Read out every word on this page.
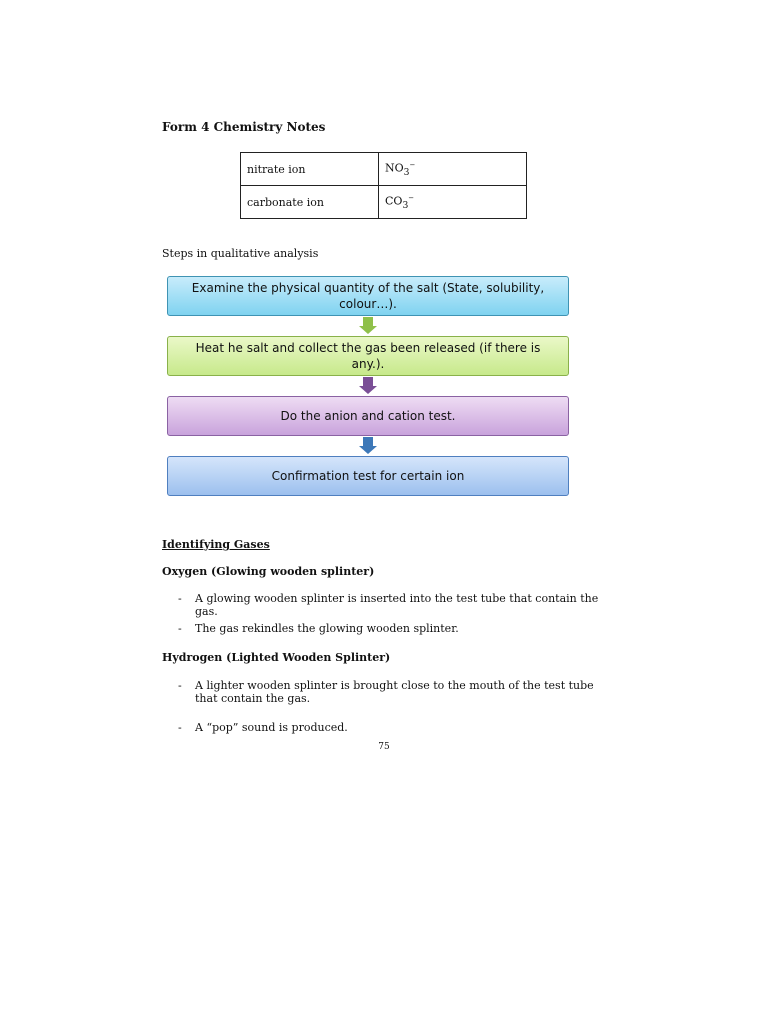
Form 4 Chemistry Notes
nitrate ion	$NO_3^-$
carbonate ion	$CO_3^-$
Steps in qualitative analysis
Examine the physical quantity of the salt (State, solubility, colour…).
Heat he salt and collect the gas been released (if there is any.).
Do the anion and cation test.
Confirmation test for certain ion
Identifying Gases
Oxygen (Glowing wooden splinter)
- A glowing wooden splinter is inserted into the test tube that contain the gas.
- The gas rekindles the glowing wooden splinter.
Hydrogen (Lighted Wooden Splinter)
- A lighter wooden splinter is brought close to the mouth of the test tube that contain the gas.
- A “pop” sound is produced.
75
